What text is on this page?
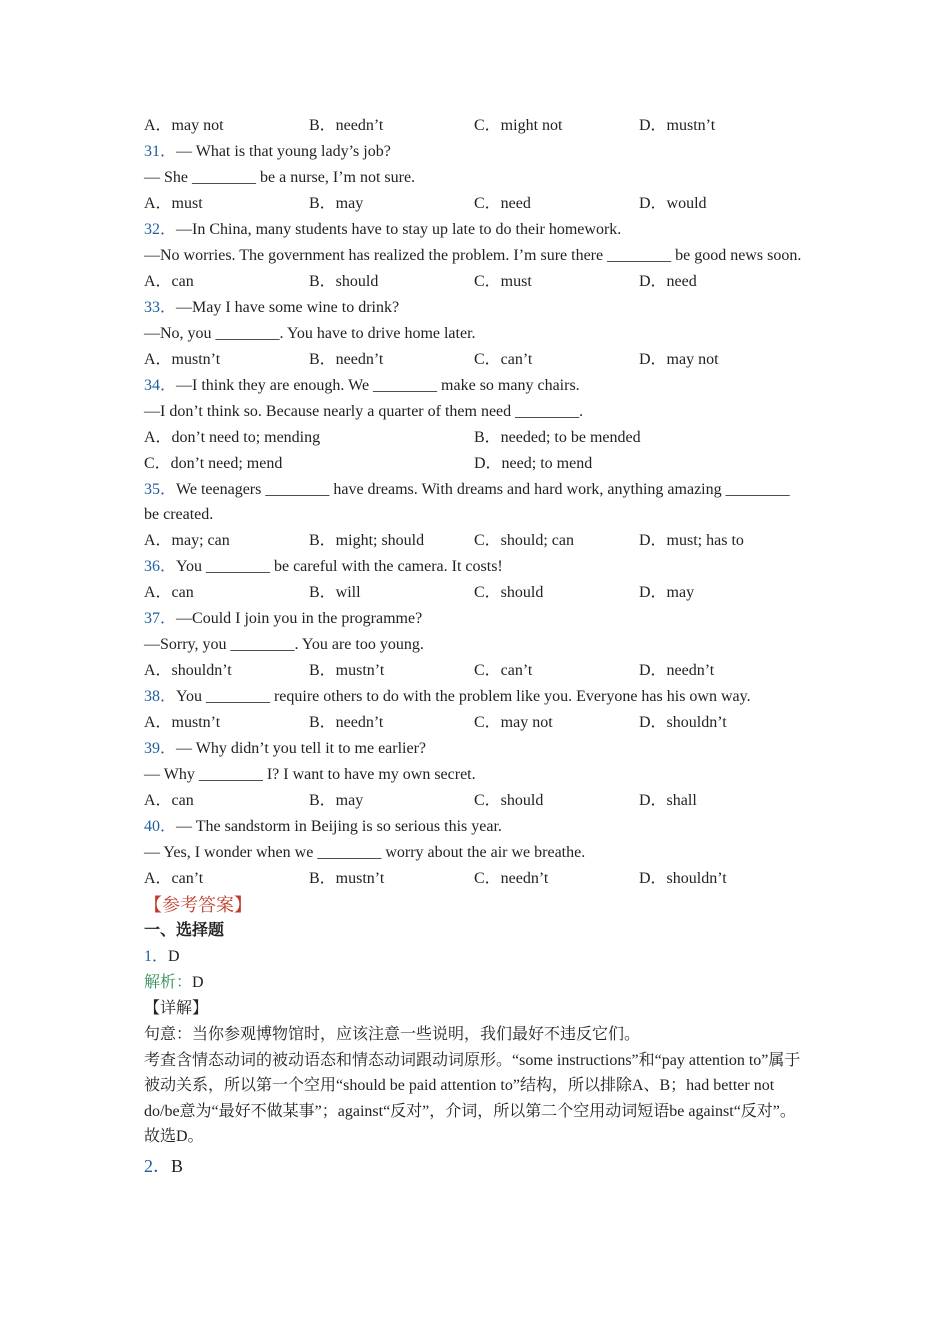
A．may not	B．needn’t	C．might not	D．mustn’t
31．— What is that young lady’s job?
— She ________ be a nurse, I’m not sure.
A．must	B．may	C．need	D．would
32．—In China, many students have to stay up late to do their homework.
—No worries. The government has realized the problem. I’m sure there ________ be good news soon.
A．can	B．should	C．must	D．need
33．—May I have some wine to drink?
—No, you ________. You have to drive home later.
A．mustn’t	B．needn’t	C．can’t	D．may not
34．—I think they are enough. We ________ make so many chairs.
—I don’t think so. Because nearly a quarter of them need ________.
A．don’t need to; mending	B．needed; to be mended
C．don’t need; mend	D．need; to mend
35．We teenagers ________ have dreams. With dreams and hard work, anything amazing ________ be created.
A．may; can	B．might; should	C．should; can	D．must; has to
36．You ________ be careful with the camera. It costs!
A．can	B．will	C．should	D．may
37．—Could I join you in the programme?
—Sorry, you ________. You are too young.
A．shouldn’t	B．mustn’t	C．can’t	D．needn’t
38．You ________ require others to do with the problem like you. Everyone has his own way.
A．mustn’t	B．needn’t	C．may not	D．shouldn’t
39．— Why didn’t you tell it to me earlier?
— Why ________ I? I want to have my own secret.
A．can	B．may	C．should	D．shall
40．— The sandstorm in Beijing is so serious this year.
— Yes, I wonder when we ________ worry about the air we breathe.
A．can’t	B．mustn’t	C．needn’t	D．shouldn’t
【参考答案】
一、选择题
1．D
解析：D
【详解】
句意：当你参观博物馆时，应该注意一些说明，我们最好不违反它们。
考查含情态动词的被动语态和情态动词跟动词原形。“some instructions”和“pay attention to”属于被动关系，所以第一个空用“should be paid attention to”结构，所以排除A、B；had better not do/be意为“最好不做某事”；against“反对”，介词，所以第二个空用动词短语be against“反对”。故选D。
2．B
